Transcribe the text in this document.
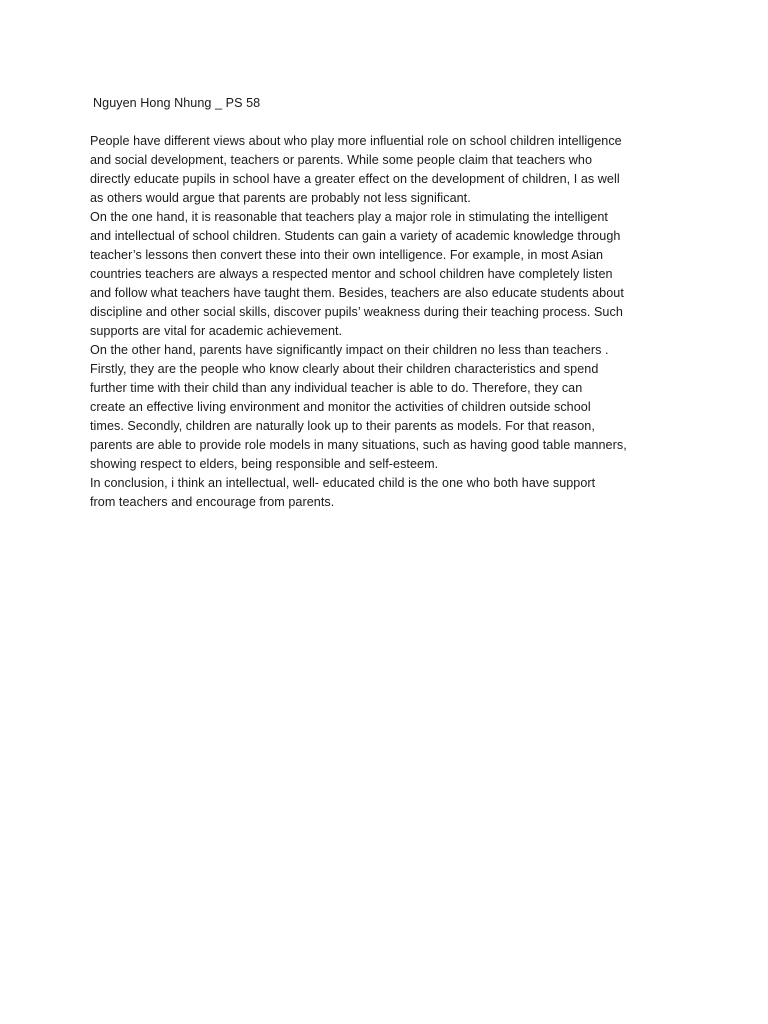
Nguyen Hong Nhung _ PS 58
People have different views about who play more influential role on school children intelligence
and social development, teachers or parents. While some people claim that teachers who
directly educate pupils in school have a greater effect on the development of children, I as well
as others would argue that parents are probably not less significant.
On the one hand, it is reasonable that teachers play a major role in stimulating the intelligent
and intellectual of school children. Students can gain a variety of academic knowledge through
teacher’s lessons then convert these into their own intelligence. For example, in most Asian
countries teachers are always a respected mentor and school children have completely listen
and follow what teachers have taught them. Besides, teachers are also educate students about
discipline and other social skills, discover pupils’ weakness during their teaching process. Such
supports are vital for academic achievement.
On the other hand, parents have significantly impact on their children no less than teachers .
Firstly, they are the people who know clearly about their children characteristics and spend
further time with their child than any individual teacher is able to do. Therefore, they can
create an effective living environment and monitor the activities of children outside school
times. Secondly, children are naturally look up to their parents as models. For that reason,
parents are able to provide role models in many situations, such as having good table manners,
showing respect to elders, being responsible and self-esteem.
In conclusion, i think an intellectual, well- educated child is the one who both have support
from teachers and encourage from parents.
